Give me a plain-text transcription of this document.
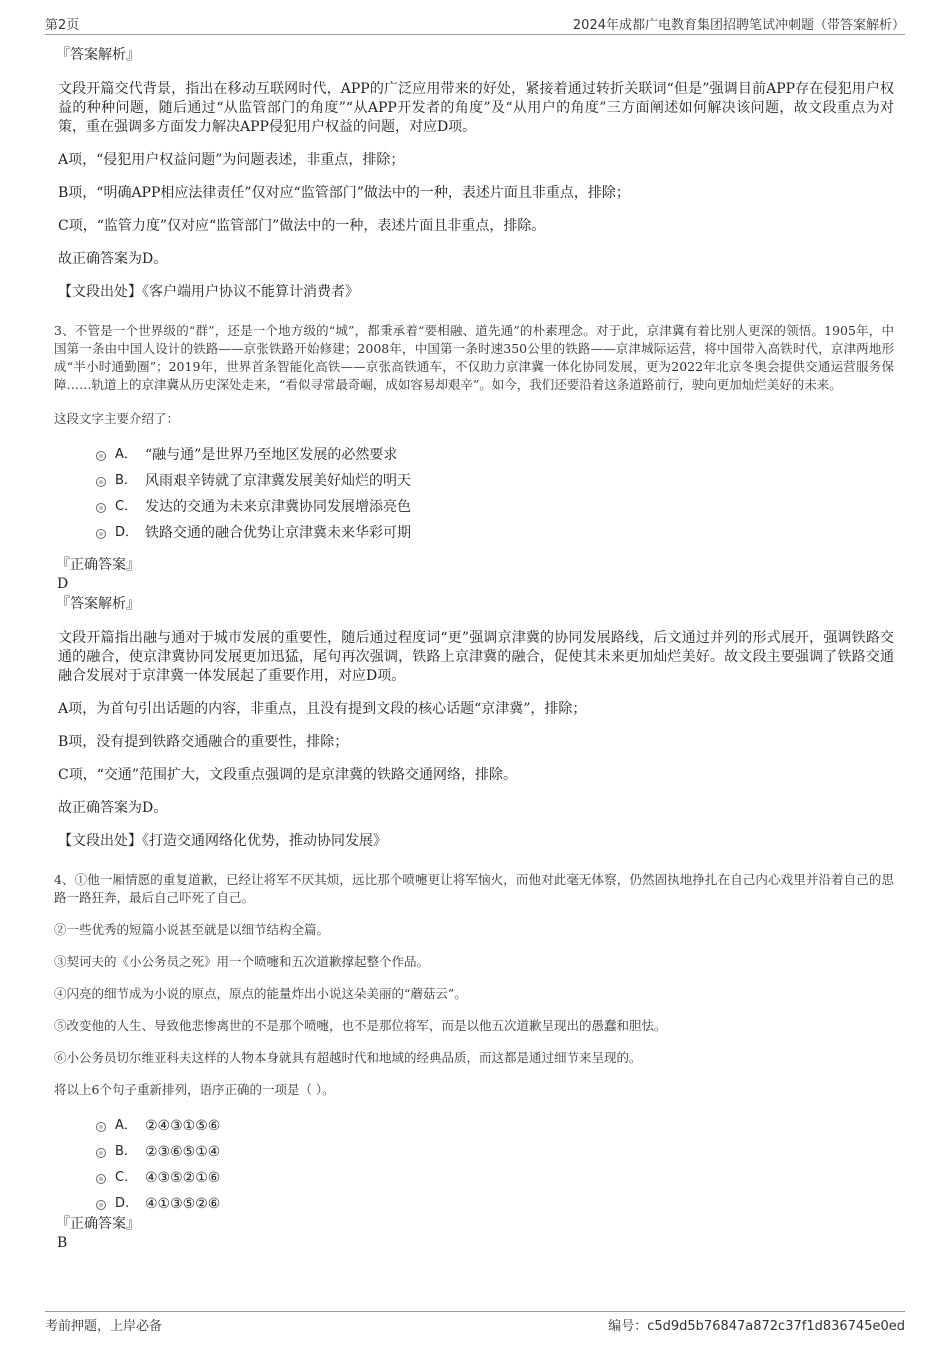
第2页	2024年成都广电教育集团招聘笔试冲刺题（带答案解析）

『答案解析』

文段开篇交代背景，指出在移动互联网时代，APP的广泛应用带来的好处，紧接着通过转折关联词“但是”强调目前APP存在侵犯用户权益的种种问题，随后通过“从监管部门的角度”“从APP开发者的角度”及“从用户的角度”三方面阐述如何解决该问题，故文段重点为对策，重在强调多方面发力解决APP侵犯用户权益的问题，对应D项。

A项，“侵犯用户权益问题”为问题表述，非重点，排除；

B项，“明确APP相应法律责任”仅对应“监管部门”做法中的一种，表述片面且非重点，排除；

C项，“监管力度”仅对应“监管部门”做法中的一种，表述片面且非重点，排除。

故正确答案为D。

【文段出处】《客户端用户协议不能算计消费者》

3、不管是一个世界级的“群”，还是一个地方级的“城”，都秉承着“要相融、道先通”的朴素理念。对于此，京津冀有着比别人更深的领悟。1905年，中国第一条由中国人设计的铁路——京张铁路开始修建；2008年，中国第一条时速350公里的铁路——京津城际运营，将中国带入高铁时代，京津两地形成“半小时通勤圈”；2019年，世界首条智能化高铁——京张高铁通车，不仅助力京津冀一体化协同发展，更为2022年北京冬奥会提供交通运营服务保障……轨道上的京津冀从历史深处走来，“看似寻常最奇崛，成如容易却艰辛”。如今，我们还要沿着这条道路前行，驶向更加灿烂美好的未来。

这段文字主要介绍了：

A． “融与通”是世界乃至地区发展的必然要求
B. 风雨艰辛铸就了京津冀发展美好灿烂的明天
C． 发达的交通为未来京津冀协同发展增添亮色
D． 铁路交通的融合优势让京津冀未来华彩可期

『正确答案』

D

『答案解析』

文段开篇指出融与通对于城市发展的重要性，随后通过程度词“更”强调京津冀的协同发展路线，后文通过并列的形式展开，强调铁路交通的融合，使京津冀协同发展更加迅猛，尾句再次强调，铁路上京津冀的融合，促使其未来更加灿烂美好。故文段主要强调了铁路交通融合发展对于京津冀一体发展起了重要作用，对应D项。

A项，为首句引出话题的内容，非重点，且没有提到文段的核心话题“京津冀”，排除；

B项，没有提到铁路交通融合的重要性，排除；

C项，“交通”范围扩大，文段重点强调的是京津冀的铁路交通网络，排除。

故正确答案为D。

【文段出处】《打造交通网络化优势，推动协同发展》

4、①他一厢情愿的重复道歉，已经让将军不厌其烦，远比那个喷嚏更让将军恼火，而他对此毫无体察，仍然固执地挣扎在自己内心戏里并沿着自己的思路一路狂奔，最后自己吓死了自己。

②一些优秀的短篇小说甚至就是以细节结构全篇。

③契诃夫的《小公务员之死》用一个喷嚏和五次道歉撑起整个作品。

④闪亮的细节成为小说的原点，原点的能量炸出小说这朵美丽的“蘑菇云”。

⑤改变他的人生、导致他悲惨离世的不是那个喷嚏，也不是那位将军，而是以他五次道歉呈现出的愚蠢和胆怯。

⑥小公务员切尔维亚科夫这样的人物本身就具有超越时代和地域的经典品质，而这都是通过细节来呈现的。

将以上6个句子重新排列，语序正确的一项是（ ）。

A． ②④③①⑤⑥
B. ②③⑥⑤①④
C. ④③⑤②①⑥
D. ④①③⑤②⑥

『正确答案』

B

考前押题，上岸必备	编号：c5d9d5b76847a872c37f1d836745e0ed
